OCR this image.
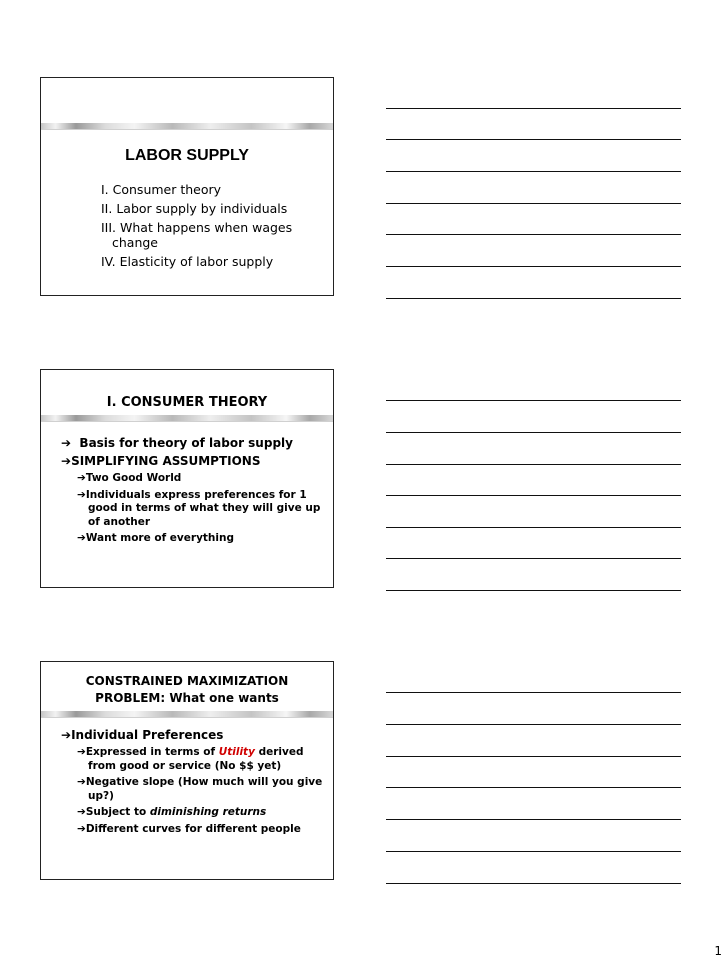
LABOR SUPPLY
I. Consumer theory
II. Labor supply by individuals
III. What happens when wages
change
IV. Elasticity of labor supply
I. CONSUMER THEORY
➔ Basis for theory of labor supply
➔SIMPLIFYING ASSUMPTIONS
➔Two Good World
➔Individuals express preferences for 1
good in terms of what they will give up
of another
➔Want more of everything
CONSTRAINED MAXIMIZATION
PROBLEM: What one wants
➔Individual Preferences
➔Expressed in terms of Utility derived
from good or service (No $$ yet)
➔Negative slope (How much will you give
up?)
➔Subject to diminishing returns
➔Different curves for different people
1
